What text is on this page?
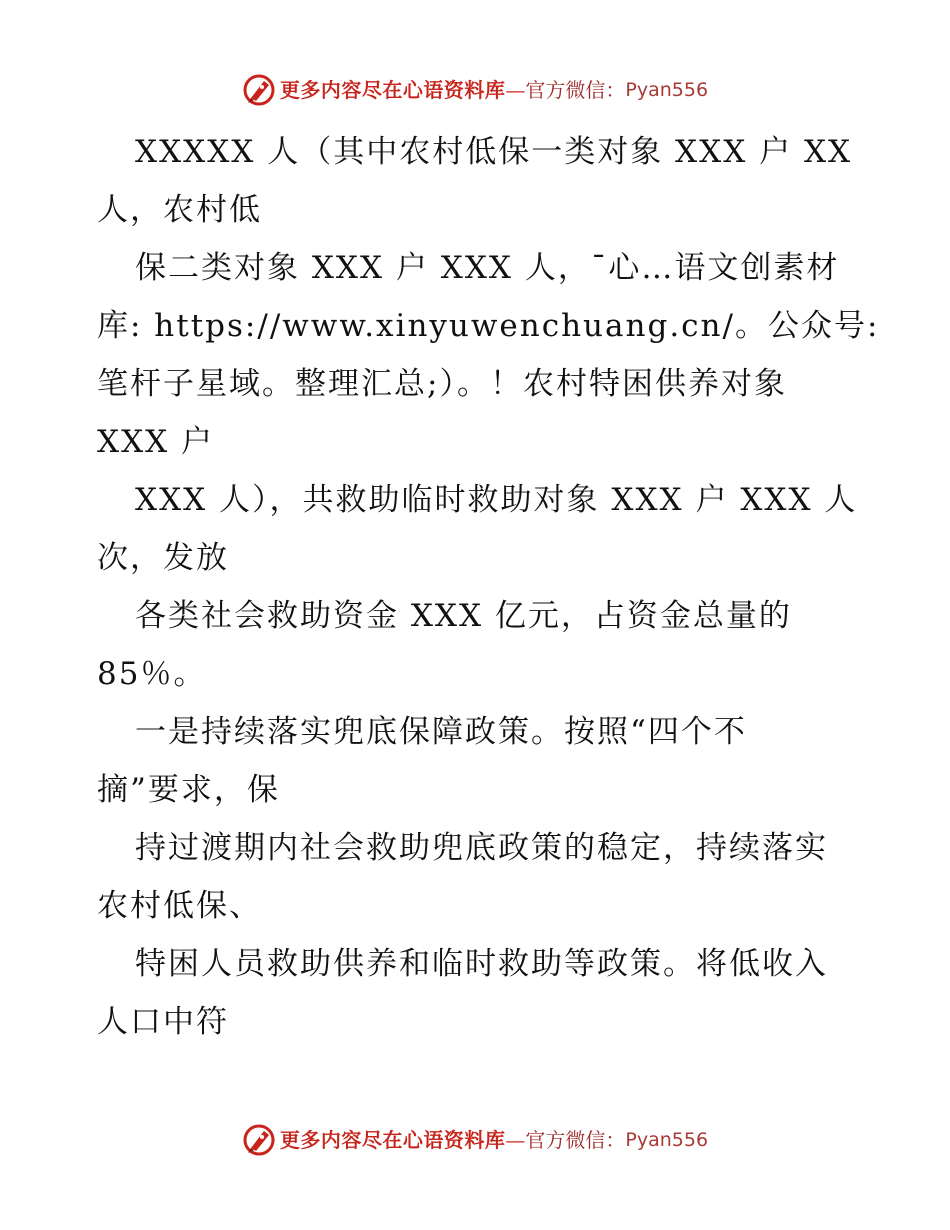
更多内容尽在心语资料库 — 官方微信： Pyan556
XXXXX 人（其中农村低保一类对象 XXX 户 XX
人，农村低
保二类对象 XXX 户 XXX 人，¯心…语文创素材
库: https://www.xinyuwenchuang.cn/。公众号:
笔杆子星域。整理汇总;）。！农村特困供养对象
XXX 户
XXX 人），共救助临时救助对象 XXX 户 XXX 人
次，发放
各类社会救助资金 XXX 亿元，占资金总量的
85％。
一是持续落实兜底保障政策。按照“四个不
摘”要求，保
持过渡期内社会救助兜底政策的稳定，持续落实
农村低保、
特困人员救助供养和临时救助等政策。将低收入
人口中符
更多内容尽在心语资料库 — 官方微信： Pyan556
